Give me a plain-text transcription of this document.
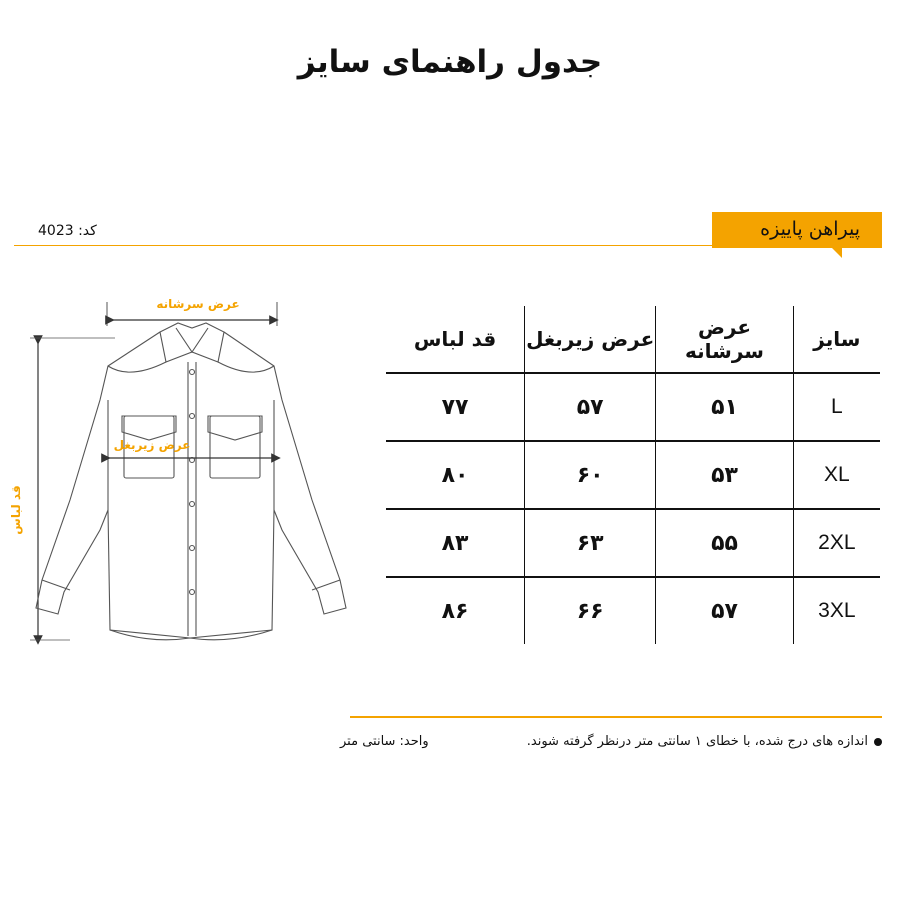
جدول راهنمای سایز
پیراهن پاییزه
کد: 4023
عرض سرشانه
قد لباس
عرض زیربغل
سایز	عرض سرشانه	عرض زیربغل	قد لباس
L	۵۱	۵۷	۷۷
XL	۵۳	۶۰	۸۰
2XL	۵۵	۶۳	۸۳
3XL	۵۷	۶۶	۸۶
اندازه های درج شده، با خطای ۱ سانتی متر درنظر گرفته شوند.
واحد: سانتی متر
